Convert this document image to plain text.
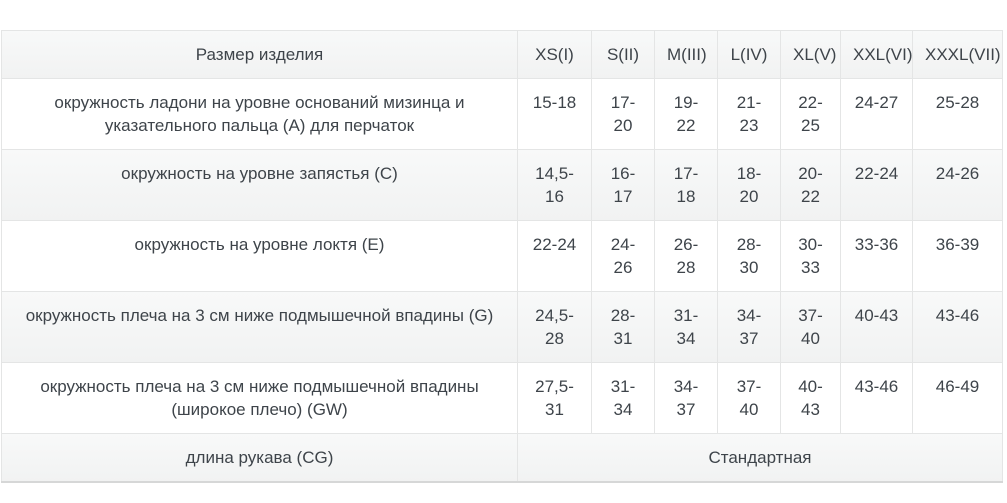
Размер изделия	XS(I)	S(II)	M(III)	L(IV)	XL(V)	XXL(VI)	XXXL(VII)
окружность ладони на уровне оснований мизинца и указательного пальца (А) для перчаток	15-18	17-20	19-22	21-23	22-25	24-27	25-28
окружность на уровне запястья (С)	14,5-16	16-17	17-18	18-20	20-22	22-24	24-26
окружность на уровне локтя (Е)	22-24	24-26	26-28	28-30	30-33	33-36	36-39
окружность плеча на 3 см ниже подмышечной впадины (G)	24,5-28	28-31	31-34	34-37	37-40	40-43	43-46
окружность плеча на 3 см ниже подмышечной впадины (широкое плечо) (GW)	27,5-31	31-34	34-37	37-40	40-43	43-46	46-49
длина рукава (CG)	Стандартная						
